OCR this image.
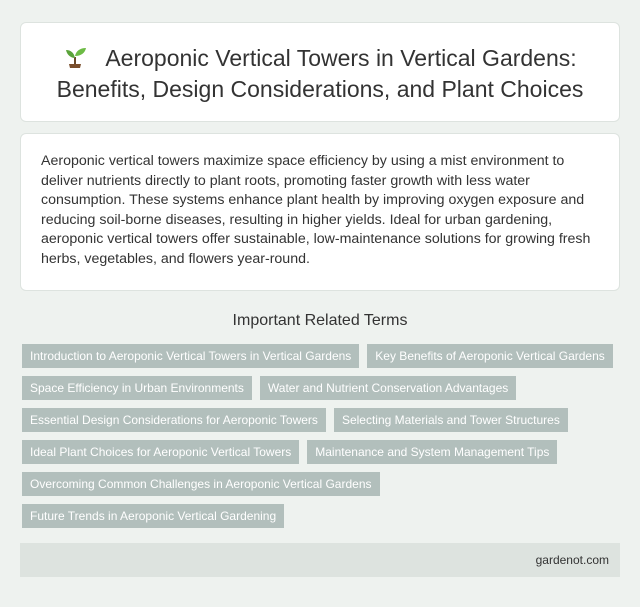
Aeroponic Vertical Towers in Vertical Gardens: Benefits, Design Considerations, and Plant Choices

Aeroponic vertical towers maximize space efficiency by using a mist environment to deliver nutrients directly to plant roots, promoting faster growth with less water consumption. These systems enhance plant health by improving oxygen exposure and reducing soil-borne diseases, resulting in higher yields. Ideal for urban gardening, aeroponic vertical towers offer sustainable, low-maintenance solutions for growing fresh herbs, vegetables, and flowers year-round.

Important Related Terms
Introduction to Aeroponic Vertical Towers in Vertical Gardens	Key Benefits of Aeroponic Vertical Gardens
Space Efficiency in Urban Environments	Water and Nutrient Conservation Advantages
Essential Design Considerations for Aeroponic Towers	Selecting Materials and Tower Structures
Ideal Plant Choices for Aeroponic Vertical Towers	Maintenance and System Management Tips
Overcoming Common Challenges in Aeroponic Vertical Gardens
Future Trends in Aeroponic Vertical Gardening
gardenot.com
